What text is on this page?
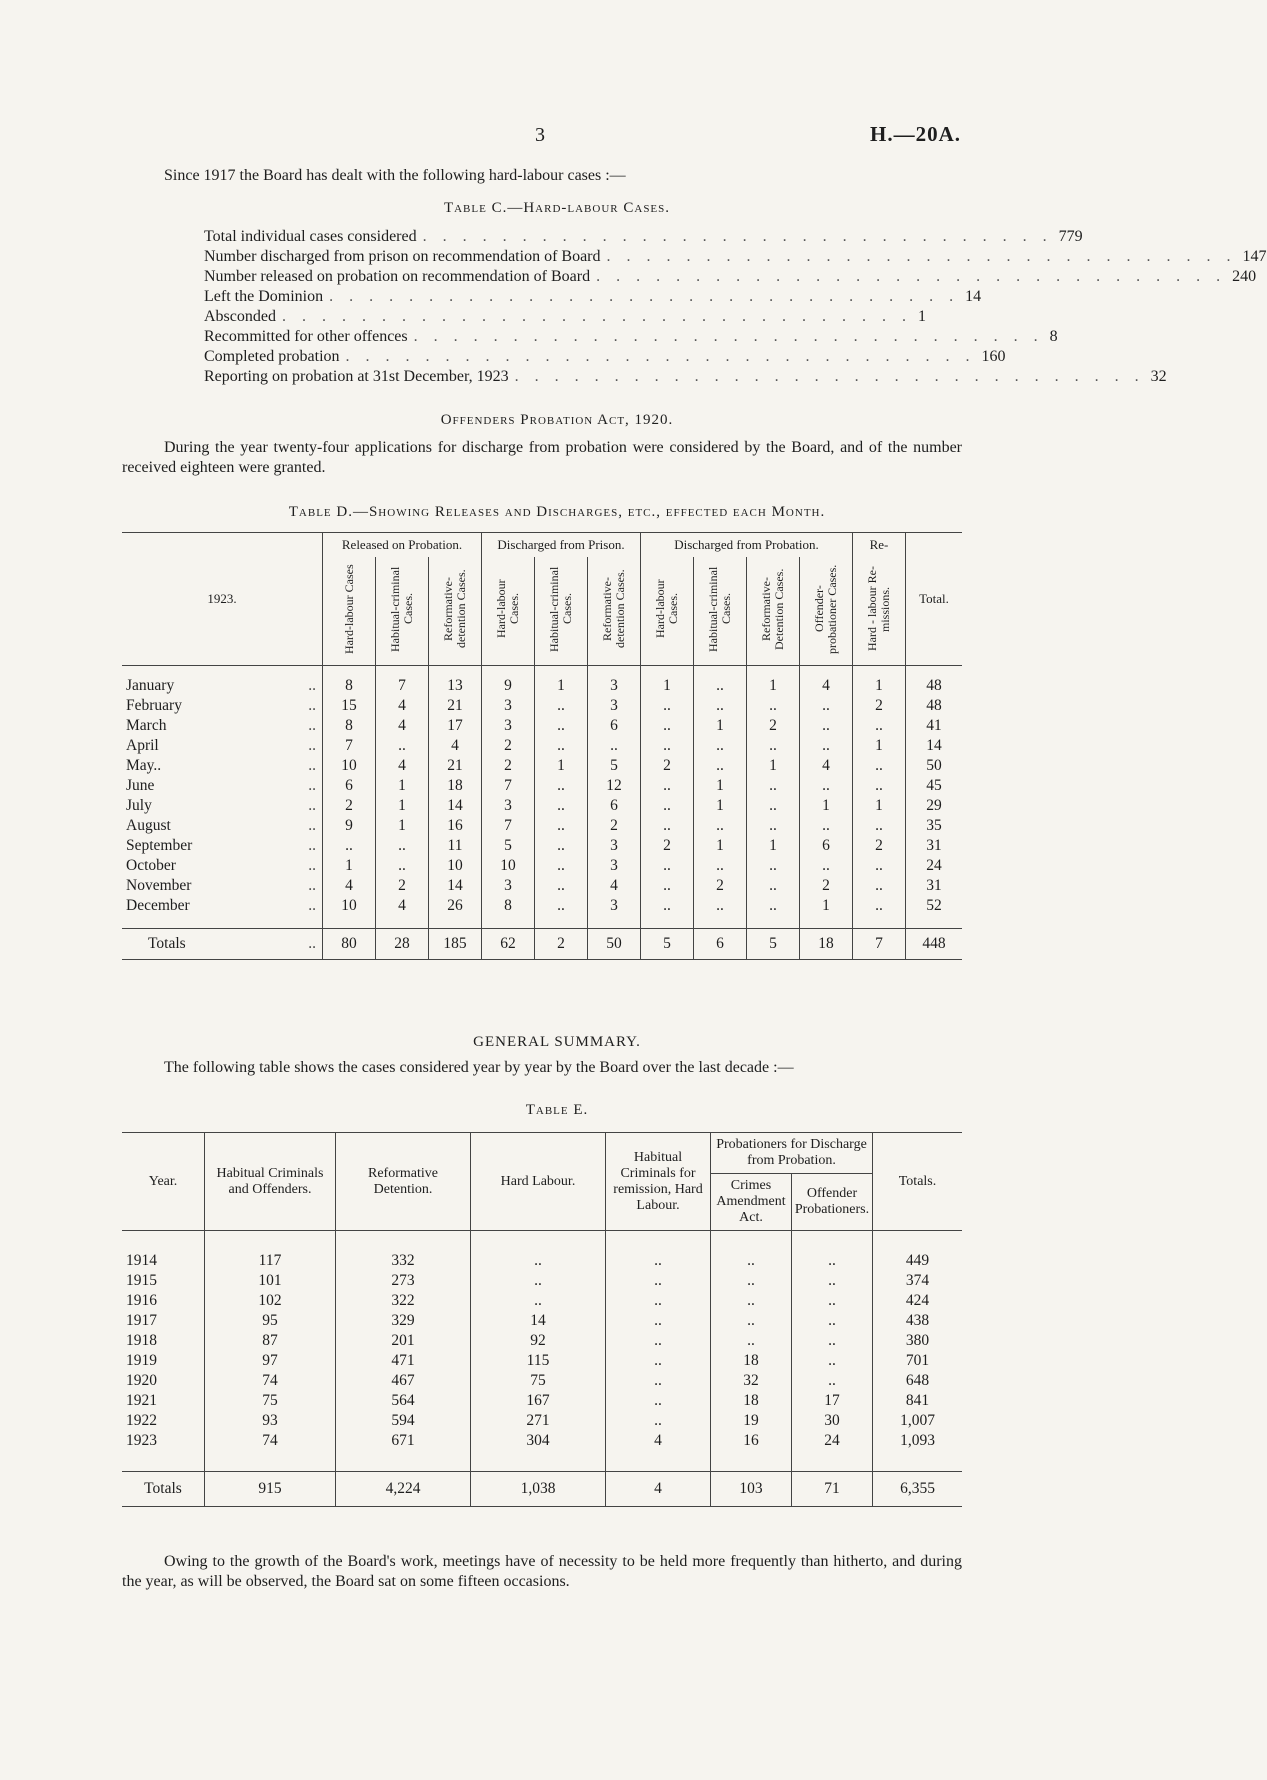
3	H.—20A.
Since 1917 the Board has dealt with the following hard-labour cases :—
Table C.—Hard-labour Cases.
Total individual cases considered . . . . . . . . . . . . . . . . . . . . . . . . . . . . . . . . 779
Number discharged from prison on recommendation of Board . . . . . . . . . . . . . . . . . . . . . . . . . . . . . . . . 147
Number released on probation on recommendation of Board . . . . . . . . . . . . . . . . . . . . . . . . . . . . . . . . 240
Left the Dominion . . . . . . . . . . . . . . . . . . . . . . . . . . . . . . . . 14
Absconded . . . . . . . . . . . . . . . . . . . . . . . . . . . . . . . . 1
Recommitted for other offences . . . . . . . . . . . . . . . . . . . . . . . . . . . . . . . . 8
Completed probation . . . . . . . . . . . . . . . . . . . . . . . . . . . . . . . . 160
Reporting on probation at 31st December, 1923 . . . . . . . . . . . . . . . . . . . . . . . . . . . . . . . . 32
Offenders Probation Act, 1920.
During the year twenty-four applications for discharge from probation were considered by the Board, and of the number received eighteen were granted.
Table D.—Showing Releases and Discharges, etc., effected each Month.
1923.		Released on Probation.			Discharged from Prison.			Discharged from Probation.				Re-	Total.
		Hard-labour Cases	Habitual-criminal Cases.	Reformative-detention Cases.	Hard-labour Cases.	Habitual-criminal Cases.	Reformative-detention Cases.	Hard-labour Cases.	Habitual-criminal Cases.	Reformative-Detention Cases.	Offender-probationer Cases.	Hard - labour Re-missions.	

January	..	8	7	13	9	1	3	1	..	1	4	1	48
February	..	15	4	21	3	..	3	..	..	..	..	2	48
March	..	8	4	17	3	..	6	..	1	2	..	..	41
April	..	7	..	4	2	..	..	..	..	..	..	1	14
May..	..	10	4	21	2	1	5	2	..	1	4	..	50
June	..	6	1	18	7	..	12	..	1	..	..	..	45
July	..	2	1	14	3	..	6	..	1	..	1	1	29
August	..	9	1	16	7	..	2	..	..	..	..	..	35
September	..	..	..	11	5	..	3	2	1	1	6	2	31
October	..	1	..	10	10	..	3	..	..	..	..	..	24
November	..	4	2	14	3	..	4	..	2	..	2	..	31
December	..	10	4	26	8	..	3	..	..	..	1	..	52

Totals	..	80	28	185	62	2	50	5	6	5	18	7	448
GENERAL SUMMARY.
The following table shows the cases considered year by year by the Board over the last decade :—
Table E.
Year.	Habitual Criminals and Offenders.	Reformative Detention.	Hard Labour.	Habitual Criminals for remission, Hard Labour.	Probationers for Discharge from Probation.		Totals.
					Crimes Amendment Act.	Offender Probationers.	

1914	117	332	..	..	..	..	449
1915	101	273	..	..	..	..	374
1916	102	322	..	..	..	..	424
1917	95	329	14	..	..	..	438
1918	87	201	92	..	..	..	380
1919	97	471	115	..	18	..	701
1920	74	467	75	..	32	..	648
1921	75	564	167	..	18	17	841
1922	93	594	271	..	19	30	1,007
1923	74	671	304	4	16	24	1,093

Totals	915	4,224	1,038	4	103	71	6,355
Owing to the growth of the Board's work, meetings have of necessity to be held more frequently than hitherto, and during the year, as will be observed, the Board sat on some fifteen occasions.
